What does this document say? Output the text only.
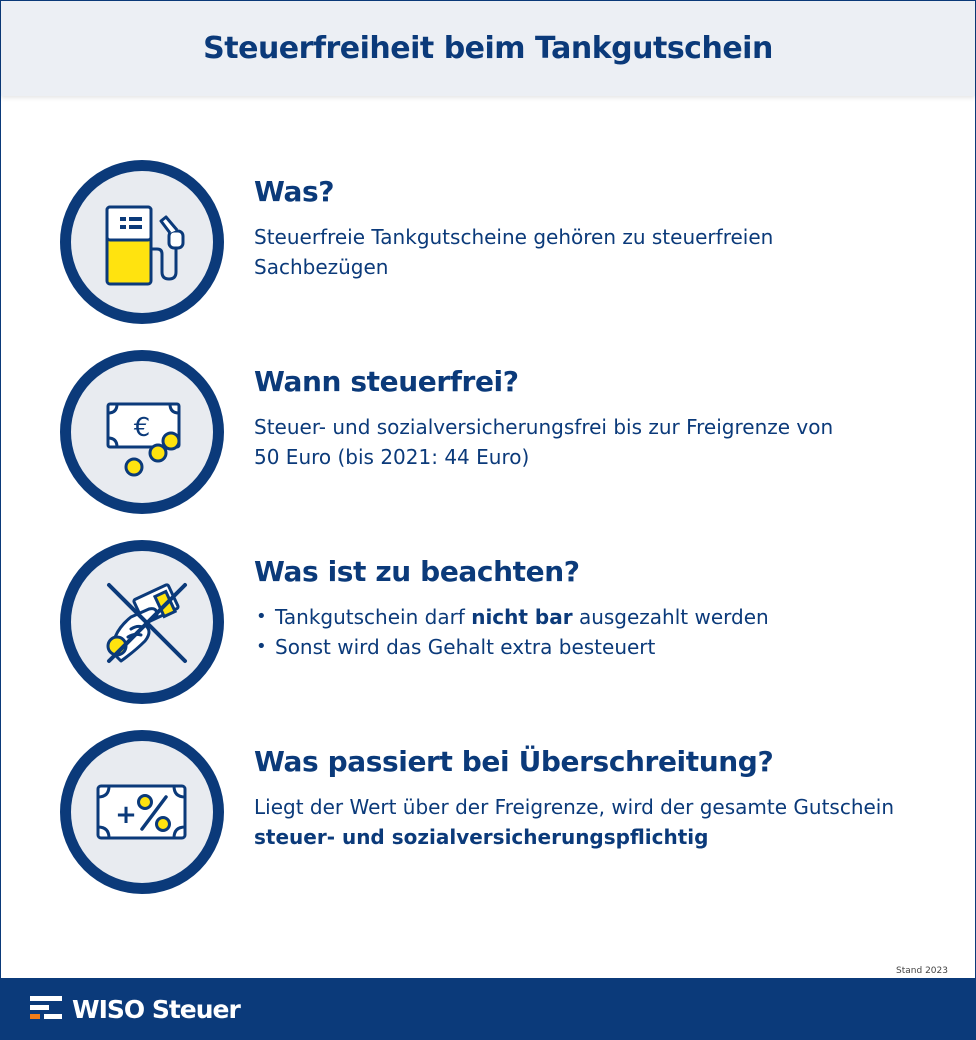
Steuerfreiheit beim Tankgutschein
Was?
Steuerfreie Tankgutscheine gehören zu steuerfreien
Sachbezügen
€
Wann steuerfrei?
Steuer- und sozialversicherungsfrei bis zur Freigrenze von
50 Euro (bis 2021: 44 Euro)
Was ist zu beachten?
• Tankgutschein darf nicht bar ausgezahlt werden
• Sonst wird das Gehalt extra besteuert
+
Was passiert bei Überschreitung?
Liegt der Wert über der Freigrenze, wird der gesamte Gutschein
steuer- und sozialversicherungspflichtig
Stand 2023
WISO Steuer
